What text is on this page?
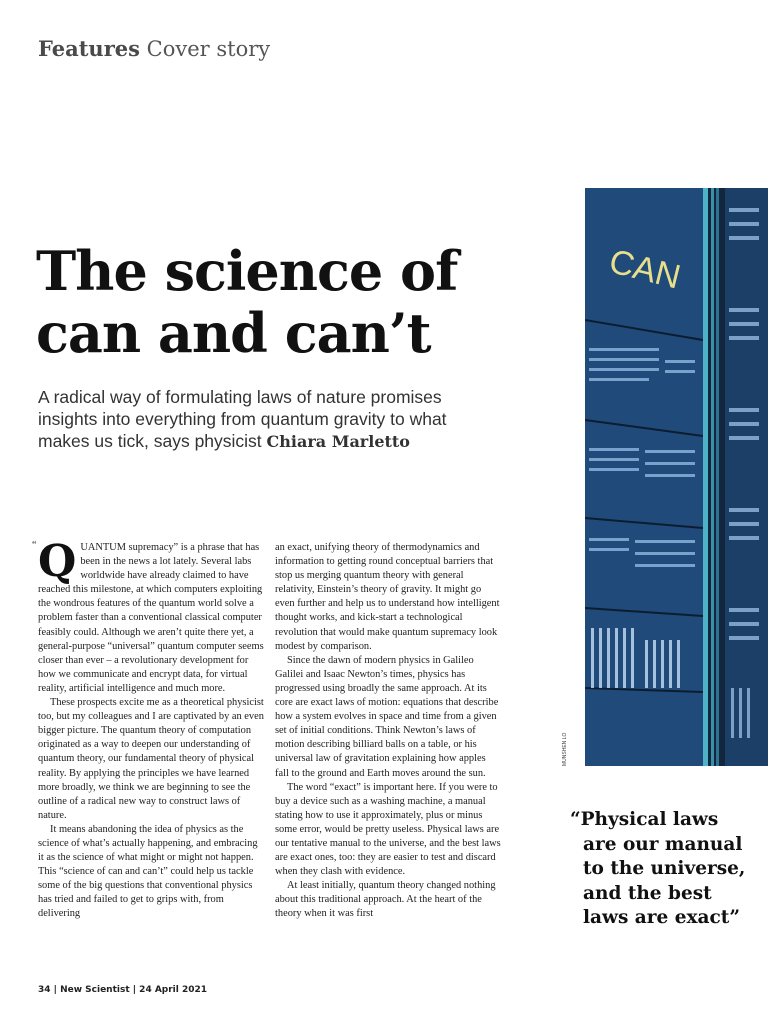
Features Cover story
The science of
can and can’t
A radical way of formulating laws of nature promises insights into everything from quantum gravity to what makes us tick, says physicist Chiara Marletto
“ QUANTUM supremacy” is a phrase that has been in the news a lot lately. Several labs worldwide have already claimed to have reached this milestone, at which computers exploiting the wondrous features of the quantum world solve a problem faster than a conventional classical computer feasibly could. Although we aren’t quite there yet, a general-purpose “universal” quantum computer seems closer than ever – a revolutionary development for how we communicate and encrypt data, for virtual reality, artificial intelligence and much more.

These prospects excite me as a theoretical physicist too, but my colleagues and I are captivated by an even bigger picture. The quantum theory of computation originated as a way to deepen our understanding of quantum theory, our fundamental theory of physical reality. By applying the principles we have learned more broadly, we think we are beginning to see the outline of a radical new way to construct laws of nature.

It means abandoning the idea of physics as the science of what’s actually happening, and embracing it as the science of what might or might not happen. This “science of can and can’t” could help us tackle some of the big questions that conventional physics has tried and failed to get to grips with, from delivering

an exact, unifying theory of thermodynamics and information to getting round conceptual barriers that stop us merging quantum theory with general relativity, Einstein’s theory of gravity. It might go even further and help us to understand how intelligent thought works, and kick-start a technological revolution that would make quantum supremacy look modest by comparison.

Since the dawn of modern physics in Galileo Galilei and Isaac Newton’s times, physics has progressed using broadly the same approach. At its core are exact laws of motion: equations that describe how a system evolves in space and time from a given set of initial conditions. Think Newton’s laws of motion describing billiard balls on a table, or his universal law of gravitation explaining how apples fall to the ground and Earth moves around the sun.

The word “exact” is important here. If you were to buy a device such as a washing machine, a manual stating how to use it approximately, plus or minus some error, would be pretty useless. Physical laws are our tentative manual to the universe, and the best laws are exact ones, too: they are easier to test and discard when they clash with evidence.

At least initially, quantum theory changed nothing about this traditional approach. At the heart of the theory when it was first

CAN
MUNSHEN LO
“Physical laws
are our manual
to the universe,
and the best
laws are exact”
34 | New Scientist | 24 April 2021
